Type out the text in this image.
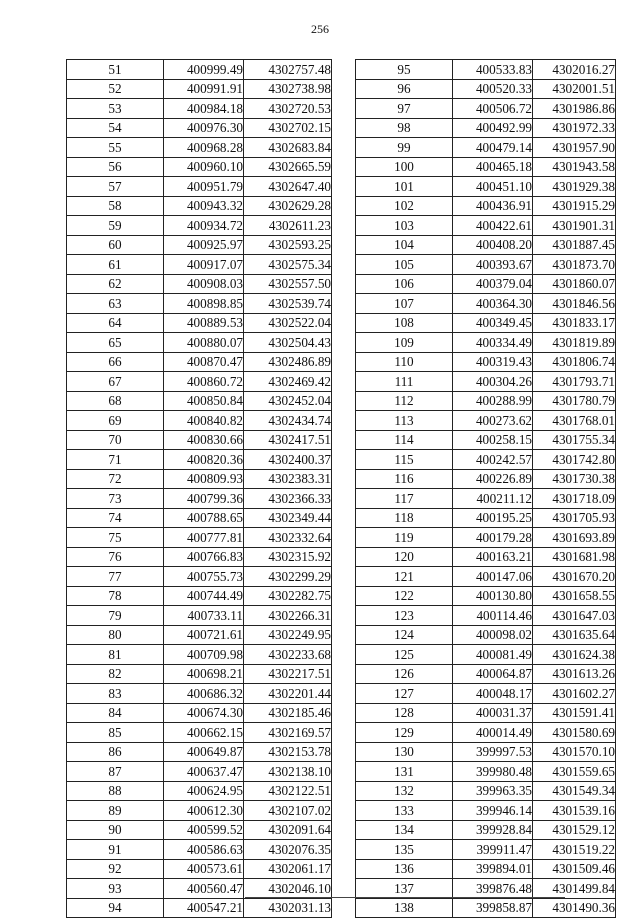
256
51	400999.49	4302757.48
52	400991.91	4302738.98
53	400984.18	4302720.53
54	400976.30	4302702.15
55	400968.28	4302683.84
56	400960.10	4302665.59
57	400951.79	4302647.40
58	400943.32	4302629.28
59	400934.72	4302611.23
60	400925.97	4302593.25
61	400917.07	4302575.34
62	400908.03	4302557.50
63	400898.85	4302539.74
64	400889.53	4302522.04
65	400880.07	4302504.43
66	400870.47	4302486.89
67	400860.72	4302469.42
68	400850.84	4302452.04
69	400840.82	4302434.74
70	400830.66	4302417.51
71	400820.36	4302400.37
72	400809.93	4302383.31
73	400799.36	4302366.33
74	400788.65	4302349.44
75	400777.81	4302332.64
76	400766.83	4302315.92
77	400755.73	4302299.29
78	400744.49	4302282.75
79	400733.11	4302266.31
80	400721.61	4302249.95
81	400709.98	4302233.68
82	400698.21	4302217.51
83	400686.32	4302201.44
84	400674.30	4302185.46
85	400662.15	4302169.57
86	400649.87	4302153.78
87	400637.47	4302138.10
88	400624.95	4302122.51
89	400612.30	4302107.02
90	400599.52	4302091.64
91	400586.63	4302076.35
92	400573.61	4302061.17
93	400560.47	4302046.10
94	400547.21	4302031.13
95	400533.83	4302016.27
96	400520.33	4302001.51
97	400506.72	4301986.86
98	400492.99	4301972.33
99	400479.14	4301957.90
100	400465.18	4301943.58
101	400451.10	4301929.38
102	400436.91	4301915.29
103	400422.61	4301901.31
104	400408.20	4301887.45
105	400393.67	4301873.70
106	400379.04	4301860.07
107	400364.30	4301846.56
108	400349.45	4301833.17
109	400334.49	4301819.89
110	400319.43	4301806.74
111	400304.26	4301793.71
112	400288.99	4301780.79
113	400273.62	4301768.01
114	400258.15	4301755.34
115	400242.57	4301742.80
116	400226.89	4301730.38
117	400211.12	4301718.09
118	400195.25	4301705.93
119	400179.28	4301693.89
120	400163.21	4301681.98
121	400147.06	4301670.20
122	400130.80	4301658.55
123	400114.46	4301647.03
124	400098.02	4301635.64
125	400081.49	4301624.38
126	400064.87	4301613.26
127	400048.17	4301602.27
128	400031.37	4301591.41
129	400014.49	4301580.69
130	399997.53	4301570.10
131	399980.48	4301559.65
132	399963.35	4301549.34
133	399946.14	4301539.16
134	399928.84	4301529.12
135	399911.47	4301519.22
136	399894.01	4301509.46
137	399876.48	4301499.84
138	399858.87	4301490.36
